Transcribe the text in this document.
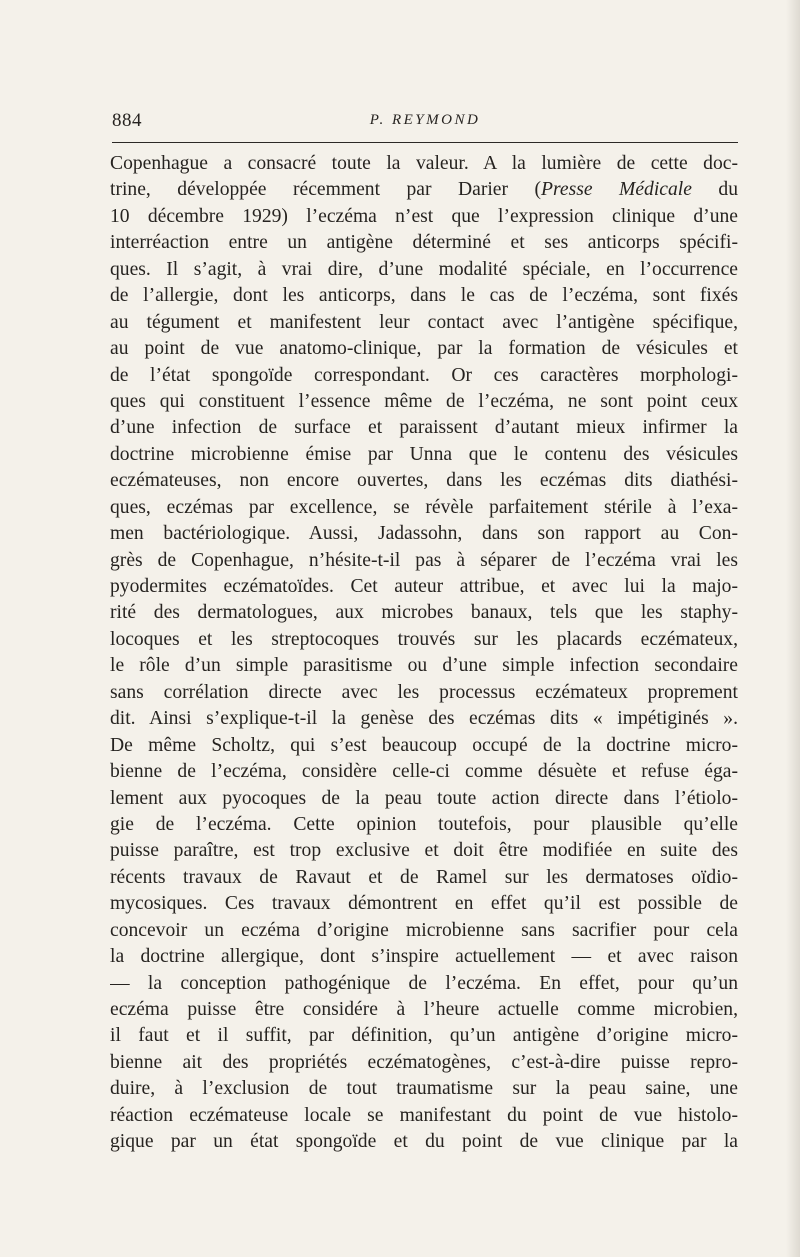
884	P. REYMOND
Copenhague a consacré toute la valeur. A la lumière de cette doc-
trine, développée récemment par Darier (Presse Médicale du
10 décembre 1929) l’eczéma n’est que l’expression clinique d’une
interréaction entre un antigène déterminé et ses anticorps spécifi-
ques. Il s’agit, à vrai dire, d’une modalité spéciale, en l’occurrence
de l’allergie, dont les anticorps, dans le cas de l’eczéma, sont fixés
au tégument et manifestent leur contact avec l’antigène spécifique,
au point de vue anatomo-clinique, par la formation de vésicules et
de l’état spongoïde correspondant. Or ces caractères morphologi-
ques qui constituent l’essence même de l’eczéma, ne sont point ceux
d’une infection de surface et paraissent d’autant mieux infirmer la
doctrine microbienne émise par Unna que le contenu des vésicules
eczémateuses, non encore ouvertes, dans les eczémas dits diathési-
ques, eczémas par excellence, se révèle parfaitement stérile à l’exa-
men bactériologique. Aussi, Jadassohn, dans son rapport au Con-
grès de Copenhague, n’hésite-t-il pas à séparer de l’eczéma vrai les
pyodermites eczématoïdes. Cet auteur attribue, et avec lui la majo-
rité des dermatologues, aux microbes banaux, tels que les staphy-
locoques et les streptocoques trouvés sur les placards eczémateux,
le rôle d’un simple parasitisme ou d’une simple infection secondaire
sans corrélation directe avec les processus eczémateux proprement
dit. Ainsi s’explique-t-il la genèse des eczémas dits « impétiginés ».
De même Scholtz, qui s’est beaucoup occupé de la doctrine micro-
bienne de l’eczéma, considère celle-ci comme désuète et refuse éga-
lement aux pyocoques de la peau toute action directe dans l’étiolo-
gie de l’eczéma. Cette opinion toutefois, pour plausible qu’elle
puisse paraître, est trop exclusive et doit être modifiée en suite des
récents travaux de Ravaut et de Ramel sur les dermatoses oïdio-
mycosiques. Ces travaux démontrent en effet qu’il est possible de
concevoir un eczéma d’origine microbienne sans sacrifier pour cela
la doctrine allergique, dont s’inspire actuellement — et avec raison
— la conception pathogénique de l’eczéma. En effet, pour qu’un
eczéma puisse être considére à l’heure actuelle comme microbien,
il faut et il suffit, par définition, qu’un antigène d’origine micro-
bienne ait des propriétés eczématogènes, c’est-à-dire puisse repro-
duire, à l’exclusion de tout traumatisme sur la peau saine, une
réaction eczémateuse locale se manifestant du point de vue histolo-
gique par un état spongoïde et du point de vue clinique par la
